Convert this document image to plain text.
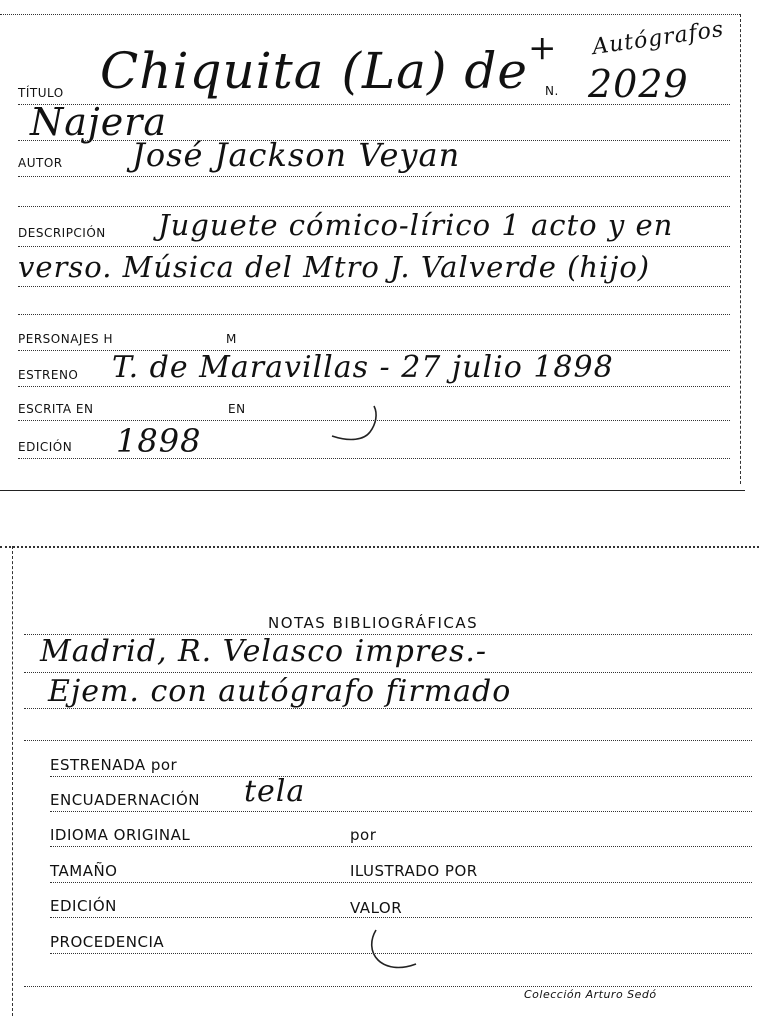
Autógrafos
TÍTULO Chiquita (La) de +
N. 2029
Najera
AUTOR José Jackson Veyan
DESCRIPCIÓN Juguete cómico-lírico 1 acto y en
verso. Música del Mtro J. Valverde (hijo)
PERSONAJES H	M
ESTRENO T. de Maravillas - 27 julio 1898
ESCRITA EN	EN
EDICIÓN 1898
NOTAS BIBLIOGRÁFICAS
Madrid, R. Velasco impres.-
Ejem. con autógrafo firmado
ESTRENADA por
ENCUADERNACIÓN tela
IDIOMA ORIGINAL	por
TAMAÑO	ILUSTRADO POR
EDICIÓN	VALOR
PROCEDENCIA
Colección Arturo Sedó
